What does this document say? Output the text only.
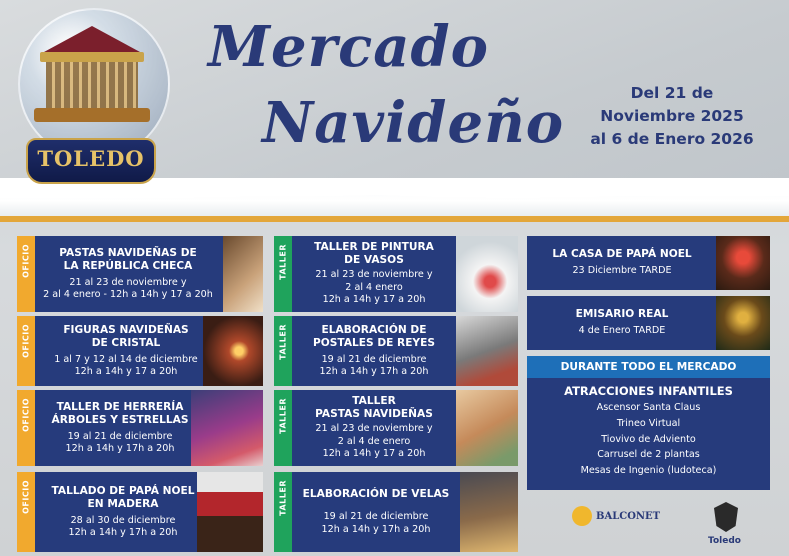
TOLEDO
Mercado
Navideño	Del 21 de
Noviembre 2025
al 6 de Enero 2026
OFICIO	PASTAS NAVIDEÑAS DE
LA REPÚBLICA CHECA
21 al 23 de noviembre y
2 al 4 enero - 12h a 14h y 17 a 20h
OFICIO	FIGURAS NAVIDEÑAS
DE CRISTAL
1 al 7 y 12 al 14 de diciembre
12h a 14h y 17 a 20h
OFICIO	TALLER DE HERRERÍA
ÁRBOLES Y ESTRELLAS
19 al 21 de diciembre
12h a 14h y 17h a 20h
OFICIO TALLADO DE PAPÁ NOEL
EN MADERA
28 al 30 de diciembre
12h a 14h y 17h a 20h
TALLER	TALLER DE PINTURA
DE VASOS
21 al 23 de noviembre y
2 al 4 enero
12h a 14h y 17 a 20h
TALLER	ELABORACIÓN DE
POSTALES DE REYES
19 al 21 de diciembre
12h a 14h y 17h a 20h
TALLER	TALLER
PASTAS NAVIDEÑAS
21 al 23 de noviembre y
2 al 4 de enero
12h a 14h y 17 a 20h
TALLER ELABORACIÓN DE VELAS
19 al 21 de diciembre
12h a 14h y 17h a 20h
LA CASA DE PAPÁ NOEL
23 Diciembre TARDE
EMISARIO REAL
4 de Enero TARDE
DURANTE TODO EL MERCADO
ATRACCIONES INFANTILES
Ascensor Santa Claus
Trineo Virtual
Tiovivo de Adviento
Carrusel de 2 plantas
Mesas de Ingenio (ludoteca)
BALCONET
Toledo
